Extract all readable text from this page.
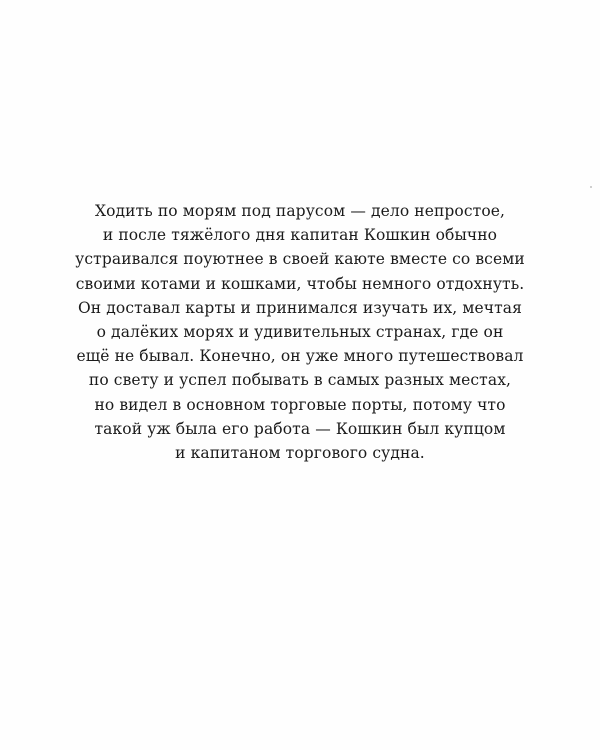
Ходить по морям под парусом — дело непростое,
и после тяжёлого дня капитан Кошкин обычно
устраивался поуютнее в своей каюте вместе со всеми
своими котами и кошками, чтобы немного отдохнуть.
Он доставал карты и принимался изучать их, мечтая
о далёких морях и удивительных странах, где он
ещё не бывал. Конечно, он уже много путешествовал
по свету и успел побывать в самых разных местах,
но видел в основном торговые порты, потому что
такой уж была его работа — Кошкин был купцом
и капитаном торгового судна.
